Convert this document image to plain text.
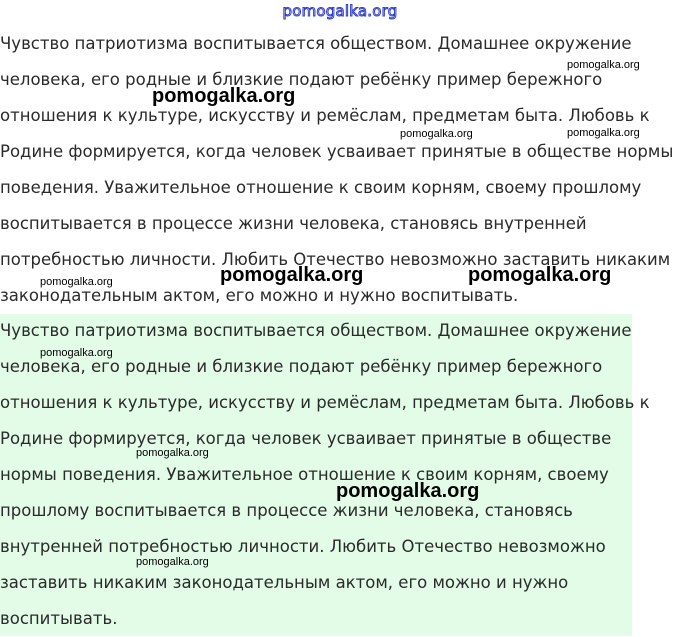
pomogalka.org
Чувство патриотизма воспитывается обществом. Домашнее окружение
человека, его родные и близкие подают ребёнку пример бережного
отношения к культуре, искусству и ремёслам, предметам быта. Любовь к
Родине формируется, когда человек усваивает принятые в обществе нормы
поведения. Уважительное отношение к своим корням, своему прошлому
воспитывается в процессе жизни человека, становясь внутренней
потребностью личности. Любить Отечество невозможно заставить никаким
законодательным актом, его можно и нужно воспитывать.
Чувство патриотизма воспитывается обществом. Домашнее окружение
человека, его родные и близкие подают ребёнку пример бережного
отношения к культуре, искусству и ремёслам, предметам быта. Любовь к
Родине формируется, когда человек усваивает принятые в обществе
нормы поведения. Уважительное отношение к своим корням, своему
прошлому воспитывается в процессе жизни человека, становясь
внутренней потребностью личности. Любить Отечество невозможно
заставить никаким законодательным актом, его можно и нужно
воспитывать.
pomogalka.org
pomogalka.org
pomogalka.org	pomogalka.org
pomogalka.org	pomogalka.org
pomogalka.org
pomogalka.org
pomogalka.org
pomogalka.org
pomogalka.org
